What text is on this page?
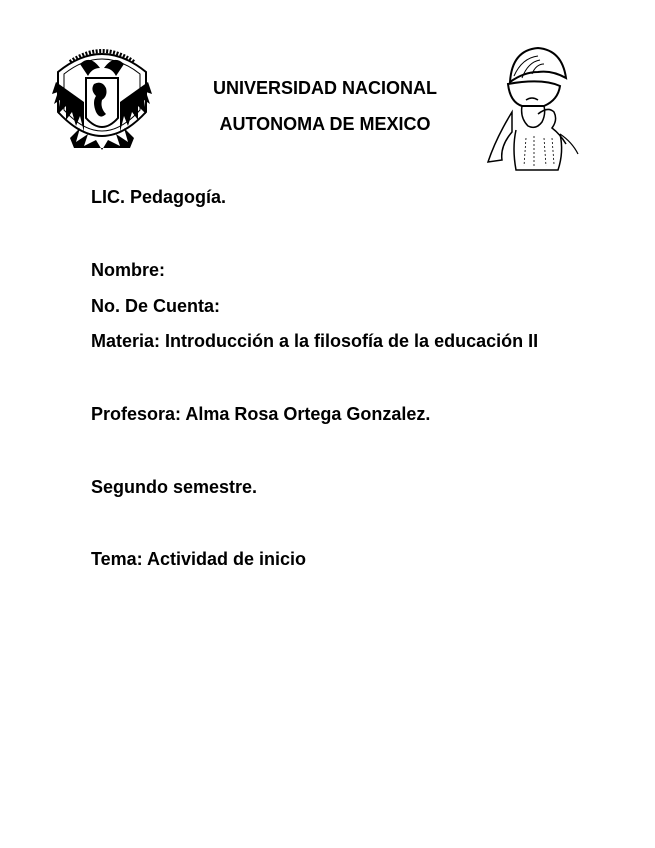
UNIVERSIDAD NACIONAL
AUTONOMA DE MEXICO
LIC. Pedagogía.
Nombre:
No. De Cuenta:
Materia: Introducción a la filosofía de la educación II
Profesora: Alma Rosa Ortega Gonzalez.
Segundo semestre.
Tema: Actividad de inicio
